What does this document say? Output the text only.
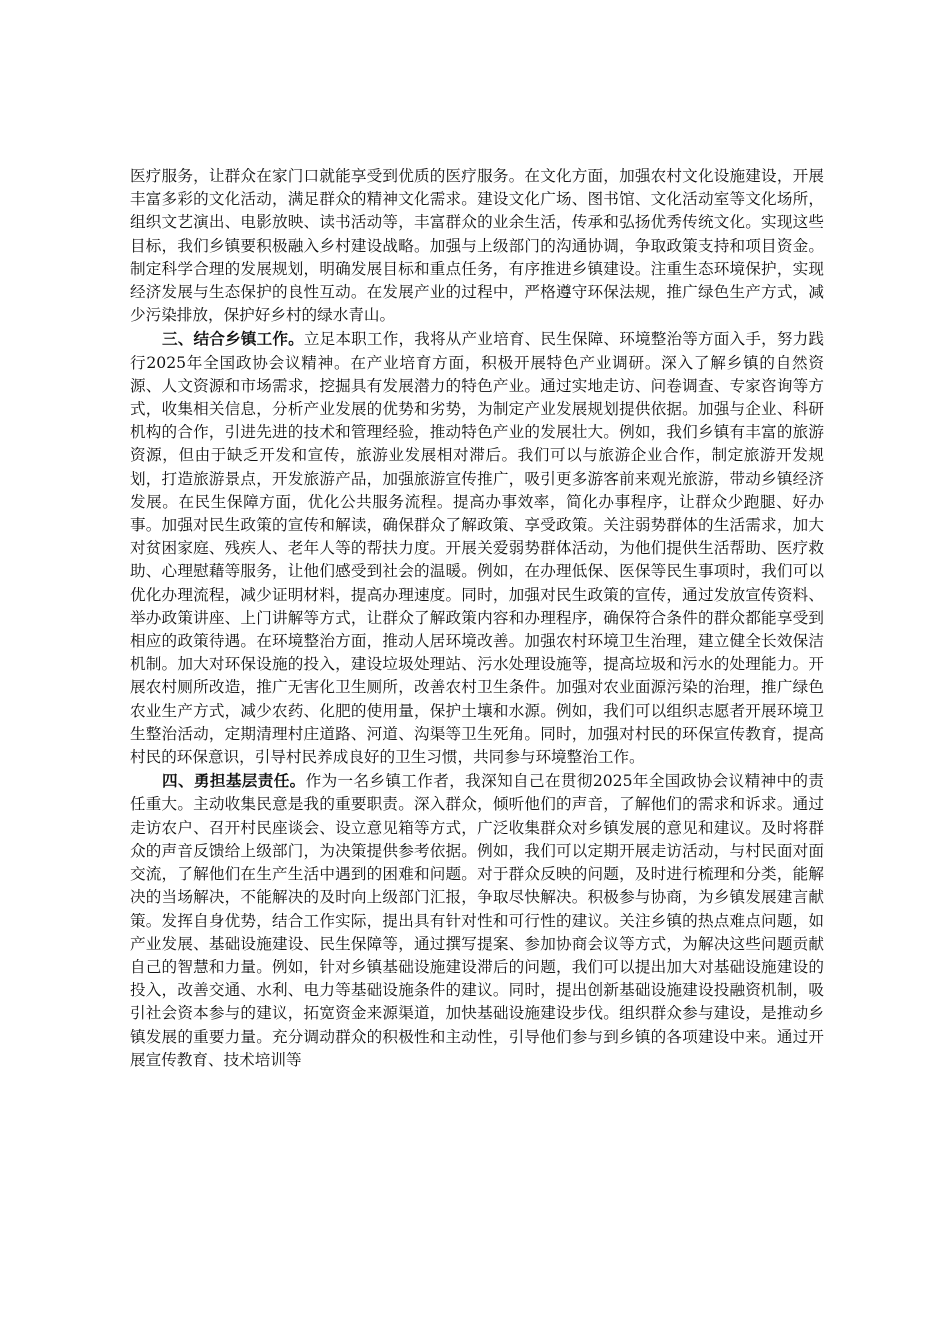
医疗服务，让群众在家门口就能享受到优质的医疗服务。在文化方面，加强农村文化设施建设，开展丰富多彩的文化活动，满足群众的精神文化需求。建设文化广场、图书馆、文化活动室等文化场所，组织文艺演出、电影放映、读书活动等，丰富群众的业余生活，传承和弘扬优秀传统文化。实现这些目标，我们乡镇要积极融入乡村建设战略。加强与上级部门的沟通协调，争取政策支持和项目资金。制定科学合理的发展规划，明确发展目标和重点任务，有序推进乡镇建设。注重生态环境保护，实现经济发展与生态保护的良性互动。在发展产业的过程中，严格遵守环保法规，推广绿色生产方式，减少污染排放，保护好乡村的绿水青山。

三、结合乡镇工作。立足本职工作，我将从产业培育、民生保障、环境整治等方面入手，努力践行2025年全国政协会议精神。在产业培育方面，积极开展特色产业调研。深入了解乡镇的自然资源、人文资源和市场需求，挖掘具有发展潜力的特色产业。通过实地走访、问卷调查、专家咨询等方式，收集相关信息，分析产业发展的优势和劣势，为制定产业发展规划提供依据。加强与企业、科研机构的合作，引进先进的技术和管理经验，推动特色产业的发展壮大。例如，我们乡镇有丰富的旅游资源，但由于缺乏开发和宣传，旅游业发展相对滞后。我们可以与旅游企业合作，制定旅游开发规划，打造旅游景点，开发旅游产品，加强旅游宣传推广，吸引更多游客前来观光旅游，带动乡镇经济发展。在民生保障方面，优化公共服务流程。提高办事效率，简化办事程序，让群众少跑腿、好办事。加强对民生政策的宣传和解读，确保群众了解政策、享受政策。关注弱势群体的生活需求，加大对贫困家庭、残疾人、老年人等的帮扶力度。开展关爱弱势群体活动，为他们提供生活帮助、医疗救助、心理慰藉等服务，让他们感受到社会的温暖。例如，在办理低保、医保等民生事项时，我们可以优化办理流程，减少证明材料，提高办理速度。同时，加强对民生政策的宣传，通过发放宣传资料、举办政策讲座、上门讲解等方式，让群众了解政策内容和办理程序，确保符合条件的群众都能享受到相应的政策待遇。在环境整治方面，推动人居环境改善。加强农村环境卫生治理，建立健全长效保洁机制。加大对环保设施的投入，建设垃圾处理站、污水处理设施等，提高垃圾和污水的处理能力。开展农村厕所改造，推广无害化卫生厕所，改善农村卫生条件。加强对农业面源污染的治理，推广绿色农业生产方式，减少农药、化肥的使用量，保护土壤和水源。例如，我们可以组织志愿者开展环境卫生整治活动，定期清理村庄道路、河道、沟渠等卫生死角。同时，加强对村民的环保宣传教育，提高村民的环保意识，引导村民养成良好的卫生习惯，共同参与环境整治工作。

四、勇担基层责任。作为一名乡镇工作者，我深知自己在贯彻2025年全国政协会议精神中的责任重大。主动收集民意是我的重要职责。深入群众，倾听他们的声音，了解他们的需求和诉求。通过走访农户、召开村民座谈会、设立意见箱等方式，广泛收集群众对乡镇发展的意见和建议。及时将群众的声音反馈给上级部门，为决策提供参考依据。例如，我们可以定期开展走访活动，与村民面对面交流，了解他们在生产生活中遇到的困难和问题。对于群众反映的问题，及时进行梳理和分类，能解决的当场解决，不能解决的及时向上级部门汇报，争取尽快解决。积极参与协商，为乡镇发展建言献策。发挥自身优势，结合工作实际，提出具有针对性和可行性的建议。关注乡镇的热点难点问题，如产业发展、基础设施建设、民生保障等，通过撰写提案、参加协商会议等方式，为解决这些问题贡献自己的智慧和力量。例如，针对乡镇基础设施建设滞后的问题，我们可以提出加大对基础设施建设的投入，改善交通、水利、电力等基础设施条件的建议。同时，提出创新基础设施建设投融资机制，吸引社会资本参与的建议，拓宽资金来源渠道，加快基础设施建设步伐。组织群众参与建设，是推动乡镇发展的重要力量。充分调动群众的积极性和主动性，引导他们参与到乡镇的各项建设中来。通过开展宣传教育、技术培训等
